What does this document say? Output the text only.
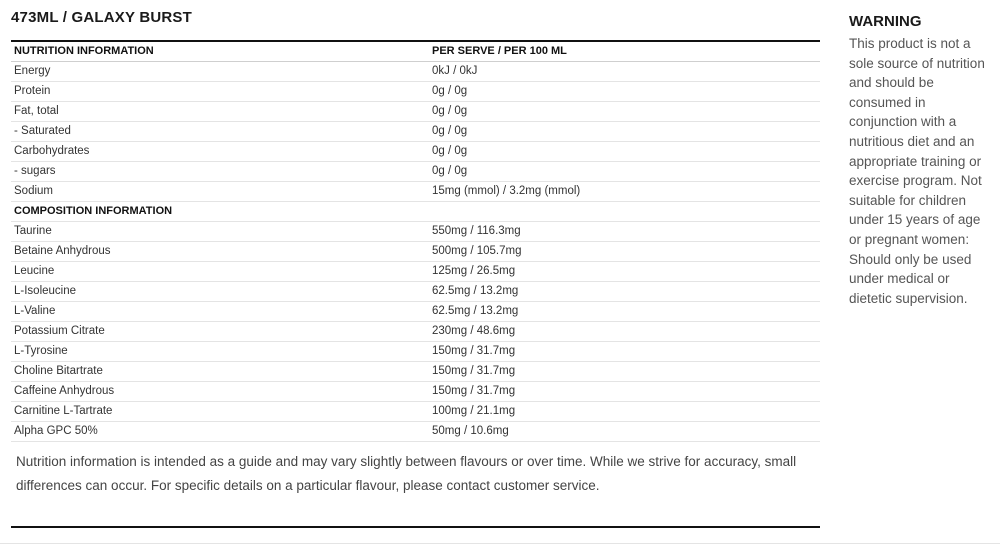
473ML / GALAXY BURST
NUTRITION INFORMATION	PER SERVE / PER 100 ML
Energy	0kJ / 0kJ
Protein	0g / 0g
Fat, total	0g / 0g
- Saturated	0g / 0g
Carbohydrates	0g / 0g
- sugars	0g / 0g
Sodium	15mg (mmol) / 3.2mg (mmol)
COMPOSITION INFORMATION
Taurine	550mg / 116.3mg
Betaine Anhydrous	500mg / 105.7mg
Leucine	125mg / 26.5mg
L-Isoleucine	62.5mg / 13.2mg
L-Valine	62.5mg / 13.2mg
Potassium Citrate	230mg / 48.6mg
L-Tyrosine	150mg / 31.7mg
Choline Bitartrate	150mg / 31.7mg
Caffeine Anhydrous	150mg / 31.7mg
Carnitine L-Tartrate	100mg / 21.1mg
Alpha GPC 50%	50mg / 10.6mg
Nutrition information is intended as a guide and may vary slightly between flavours or over time. While we strive for accuracy, small differences can occur. For specific details on a particular flavour, please contact customer service.
WARNING

This product is not a sole source of nutrition and should be consumed in conjunction with a nutritious diet and an appropriate training or exercise program. Not suitable for children under 15 years of age or pregnant women: Should only be used under medical or dietetic supervision.
